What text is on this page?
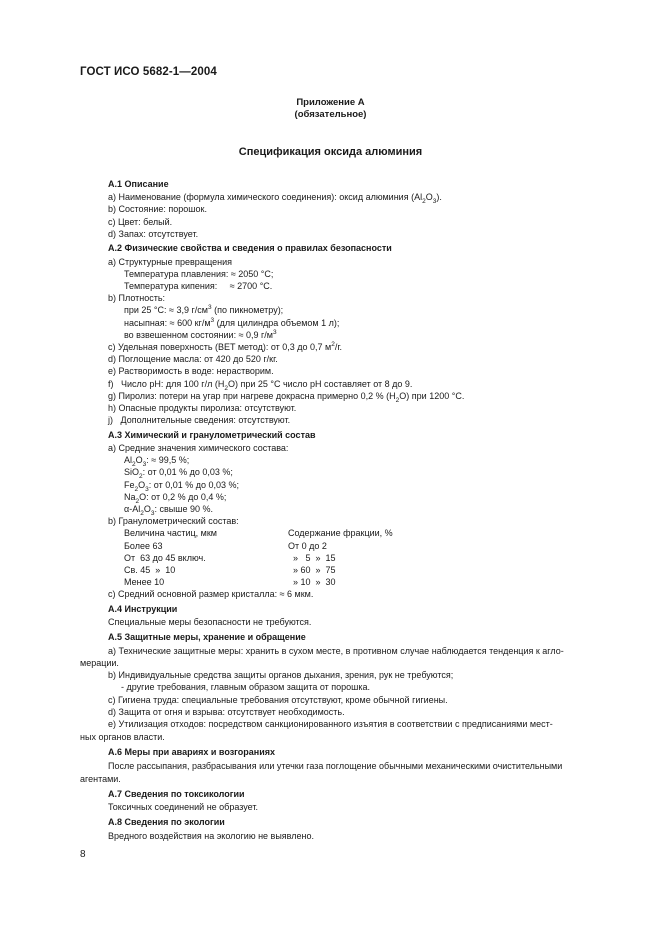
ГОСТ ИСО 5682-1—2004
Приложение А
(обязательное)
Спецификация оксида алюминия
А.1 Описание
a) Наименование (формула химического соединения): оксид алюминия $(Al_2O_3)$.
b) Состояние: порошок.
c) Цвет: белый.
d) Запах: отсутствует.
А.2 Физические свойства и сведения о правилах безопасности
a) Структурные превращения
Температура плавления: ≈ 2050 °С;
Температура кипения:     ≈ 2700 °С.
b) Плотность:
при 25 °С: ≈ 3,9 $г/см^3$ (по пикнометру);
насыпная: ≈ 600 $кг/м^3$ (для цилиндра объемом 1 л);
во взвешенном состоянии: ≈ 0,9 $г/м^3$
c) Удельная поверхность (BET метод): от 0,3 до 0,7 $м^2/г$.
d) Поглощение масла: от 420 до 520 г/кг.
e) Растворимость в воде: нерастворим.
f)   Число pH: для 100 г/л $(H_2O)$ при 25 °С число pH составляет от 8 до 9.
g) Пиролиз: потери на угар при нагреве докрасна примерно 0,2 % $(H_2O)$ при 1200 °С.
h) Опасные продукты пиролиза: отсутствуют.
j)   Дополнительные сведения: отсутствуют.
А.3 Химический и гранулометрический состав
a) Средние значения химического состава:
$Al_2O_3$: ≈ 99,5 %;
SiO$_2$: от 0,01 % до 0,03 %;
$Fe_2O_3$: от 0,01 % до 0,03 %;
$Na_2O$: от 0,2 % до 0,4 %;
$\alpha-Al_2O_3$: свыше 90 %.
b) Гранулометрический состав:
Величина частиц, мкм	Содержание фракции, %
Более 63	От 0 до 2
От  63 до 45 включ.	»   5  »  15
Св. 45  »  10	» 60  »  75
Менее 10	» 10  »  30
c) Средний основной размер кристалла: ≈ 6 мкм.
А.4 Инструкции
Специальные меры безопасности не требуются.
А.5 Защитные меры, хранение и обращение
a) Технические защитные меры: хранить в сухом месте, в противном случае наблюдается тенденция к агло-
мерации.
b) Индивидуальные средства защиты органов дыхания, зрения, рук не требуются;
- другие требования, главным образом защита от порошка.
c) Гигиена труда: специальные требования отсутствуют, кроме обычной гигиены.
d) Защита от огня и взрыва: отсутствует необходимость.
e) Утилизация отходов: посредством санкционированного изъятия в соответствии с предписаниями мест-
ных органов власти.
А.6 Меры при авариях и возгораниях
После рассыпания, разбрасывания или утечки газа поглощение обычными механическими очистительными
агентами.
А.7 Сведения по токсикологии
Токсичных соединений не образует.
А.8 Сведения по экологии
Вредного воздействия на экологию не выявлено.
8
